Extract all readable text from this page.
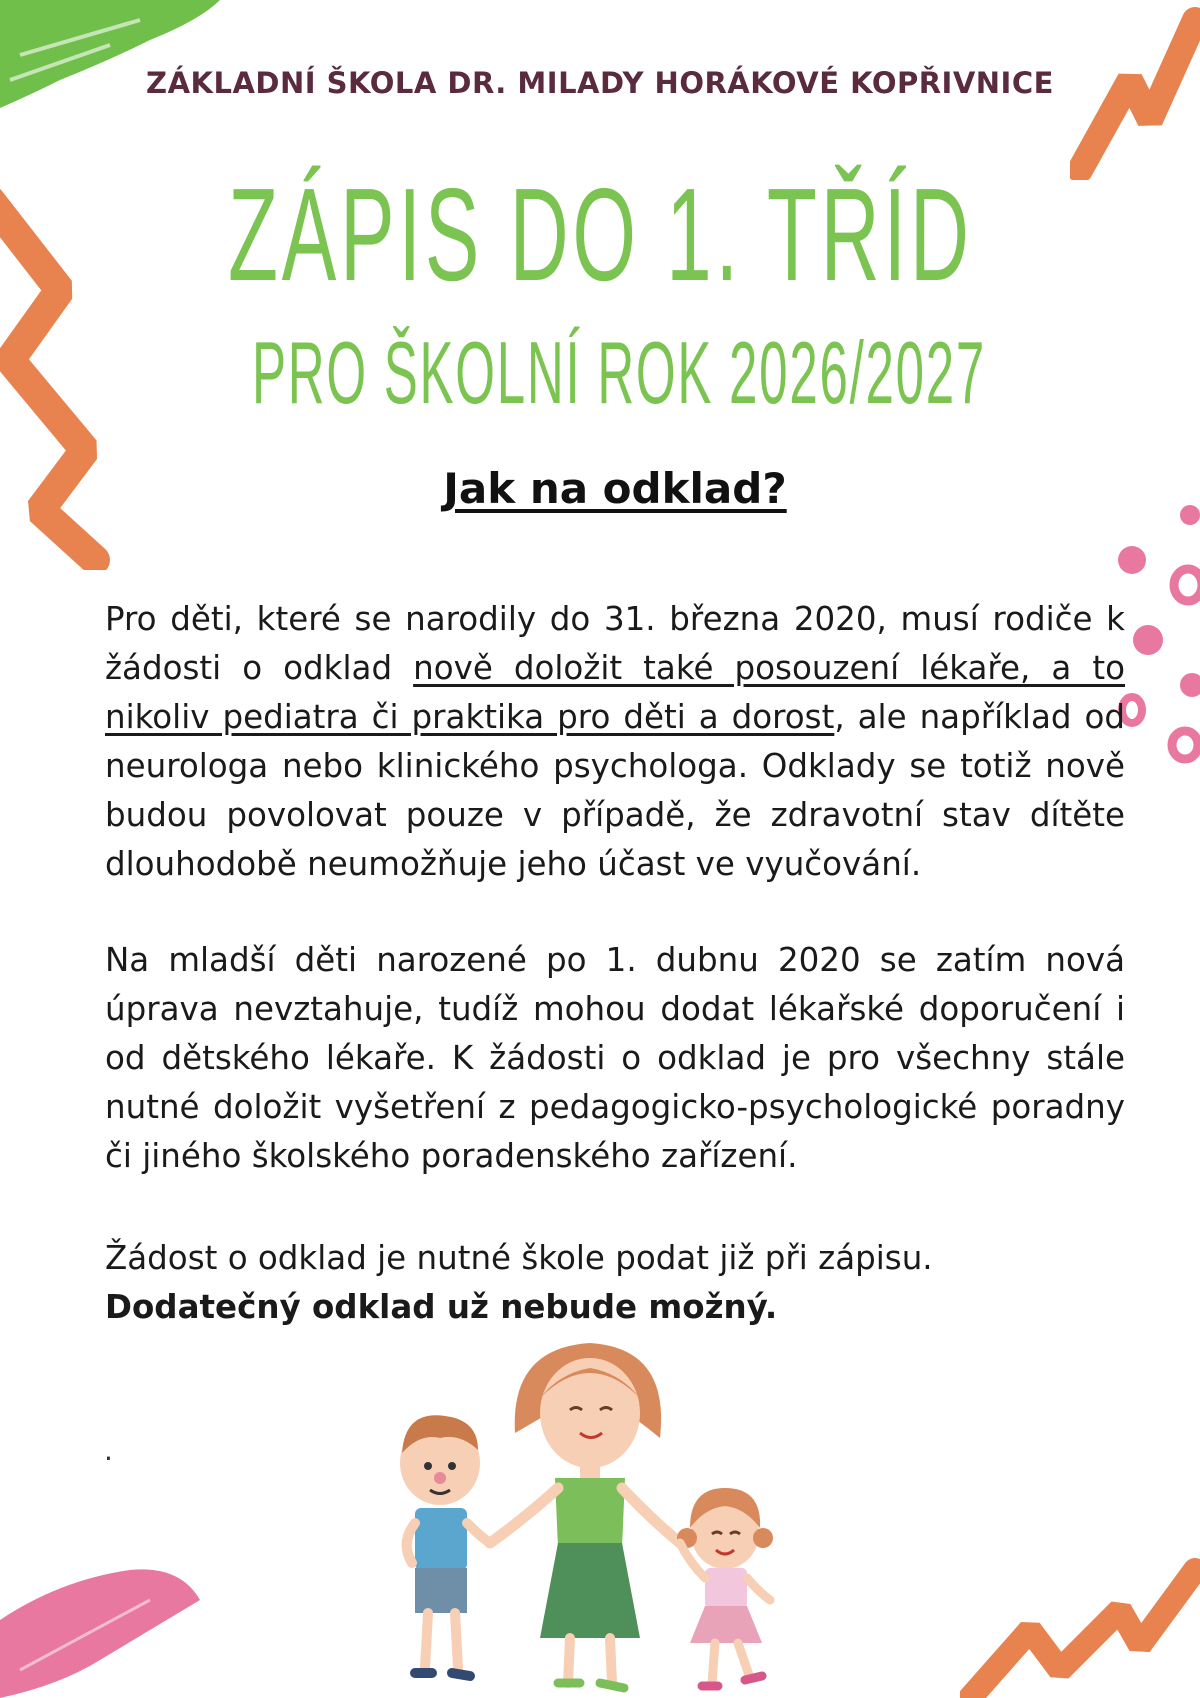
ZÁKLADNÍ ŠKOLA DR. MILADY HORÁKOVÉ KOPŘIVNICE
ZÁPIS DO 1. TŘÍD
PRO ŠKOLNÍ ROK 2026/2027
Jak na odklad?

Pro děti, které se narodily do 31. března 2020, musí rodiče k žádosti o odklad nově doložit také posouzení lékaře, a to nikoliv pediatra či praktika pro děti a dorost, ale například od neurologa nebo klinického psychologa. Odklady se totiž nově budou povolovat pouze v případě, že zdravotní stav dítěte dlouhodobě neumožňuje jeho účast ve vyučování.

Na mladší děti narozené po 1. dubnu 2020 se zatím nová úprava nevztahuje, tudíž mohou dodat lékařské doporučení i od dětského lékaře. K žádosti o odklad je pro všechny stále nutné doložit vyšetření z pedagogicko-psychologické poradny či jiného školského poradenského zařízení.

Žádost o odklad je nutné škole podat již při zápisu.
Dodatečný odklad už nebude možný.

.
